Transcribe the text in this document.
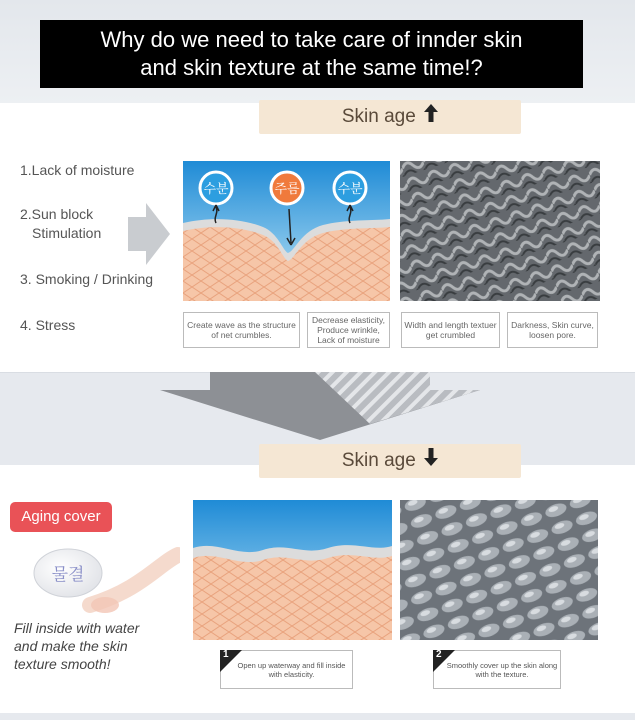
Why do we need to take care of innder skin
and skin texture at the same time!?
Skin age
1.Lack of moisture
2.Sun block
Stimulation
3. Smoking / Drinking
4. Stress
수분	주름	수분
Create wave as the structure of net crumbles.
Decrease elasticity, Produce wrinkle, Lack of moisture
Width and length textuer get crumbled
Darkness, Skin curve, loosen pore.
Skin age
Aging cover
물결
Fill inside with water
and make the skin
texture smooth!
1
Open up waterway and fill inside with elasticity.
2
Smoothly cover up the skin along with the texture.
